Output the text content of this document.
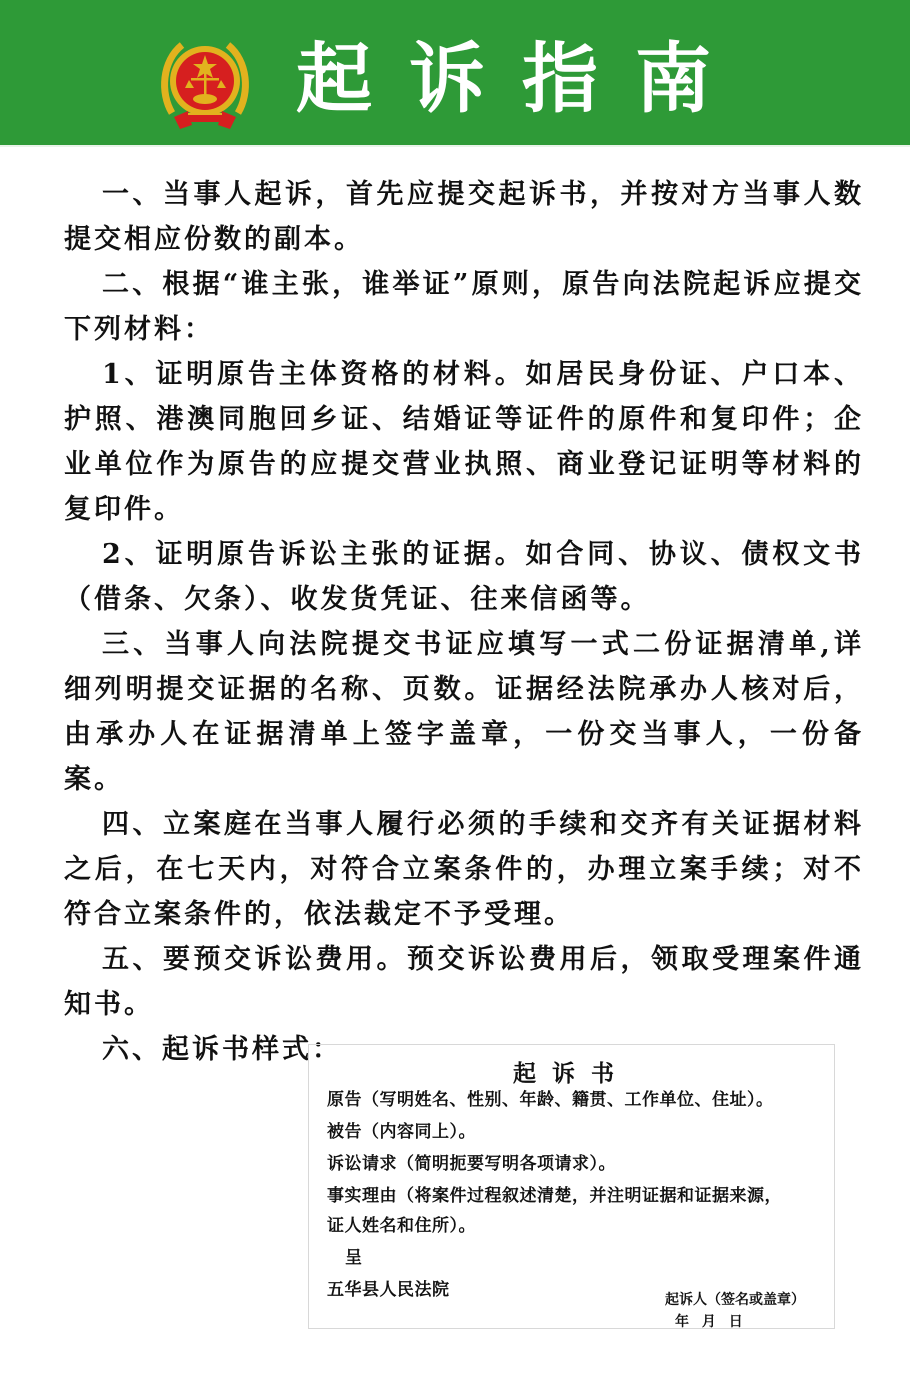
起诉指南

一、当事人起诉，首先应提交起诉书，并按对方当事人数提交相应份数的副本。

二、根据“谁主张，谁举证”原则，原告向法院起诉应提交下列材料：

1、证明原告主体资格的材料。如居民身份证、户口本、护照、港澳同胞回乡证、结婚证等证件的原件和复印件；企业单位作为原告的应提交营业执照、商业登记证明等材料的复印件。

2、证明原告诉讼主张的证据。如合同、协议、债权文书（借条、欠条）、收发货凭证、往来信函等。

三、当事人向法院提交书证应填写一式二份证据清单,详细列明提交证据的名称、页数。证据经法院承办人核对后，由承办人在证据清单上签字盖章，一份交当事人，一份备案。

四、立案庭在当事人履行必须的手续和交齐有关证据材料之后，在七天内，对符合立案条件的，办理立案手续；对不符合立案条件的，依法裁定不予受理。

五、要预交诉讼费用。预交诉讼费用后，领取受理案件通知书。

六、起诉书样式：

起诉书
原告（写明姓名、性别、年龄、籍贯、工作单位、住址）。
被告（内容同上）。
诉讼请求（简明扼要写明各项请求）。
事实理由（将案件过程叙述清楚，并注明证据和证据来源，
证人姓名和住所）。
呈
五华县人民法院	起诉人（签名或盖章）
年 月 日
